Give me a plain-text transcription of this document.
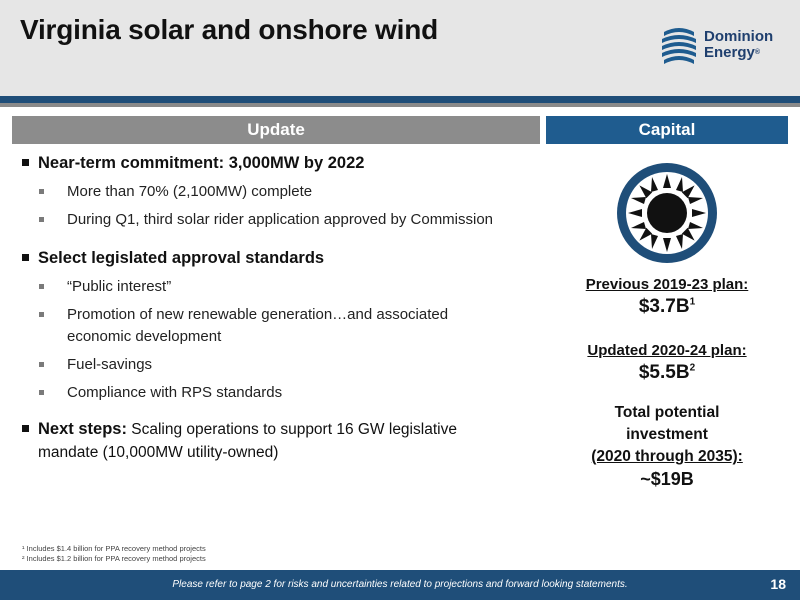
Virginia solar and onshore wind	Dominion
Energy®
Update	Capital
Near-term commitment: 3,000MW by 2022
More than 70% (2,100MW) complete
During Q1, third solar rider application approved by Commission
Select legislated approval standards
“Public interest”
Promotion of new renewable generation…and associated economic development
Fuel-savings
Compliance with RPS standards
Next steps: Scaling operations to support 16 GW legislative mandate (10,000MW utility-owned)
Previous 2019-23 plan:
$\$3.7B^1$
Updated 2020-24 plan:
$\$5.5B^2$
Total potential
investment
(2020 through 2035):
~$19B
¹ Includes $1.4 billion for PPA recovery method projects
² Includes $1.2 billion for PPA recovery method projects
Please refer to page 2 for risks and uncertainties related to projections and forward looking statements.	18
